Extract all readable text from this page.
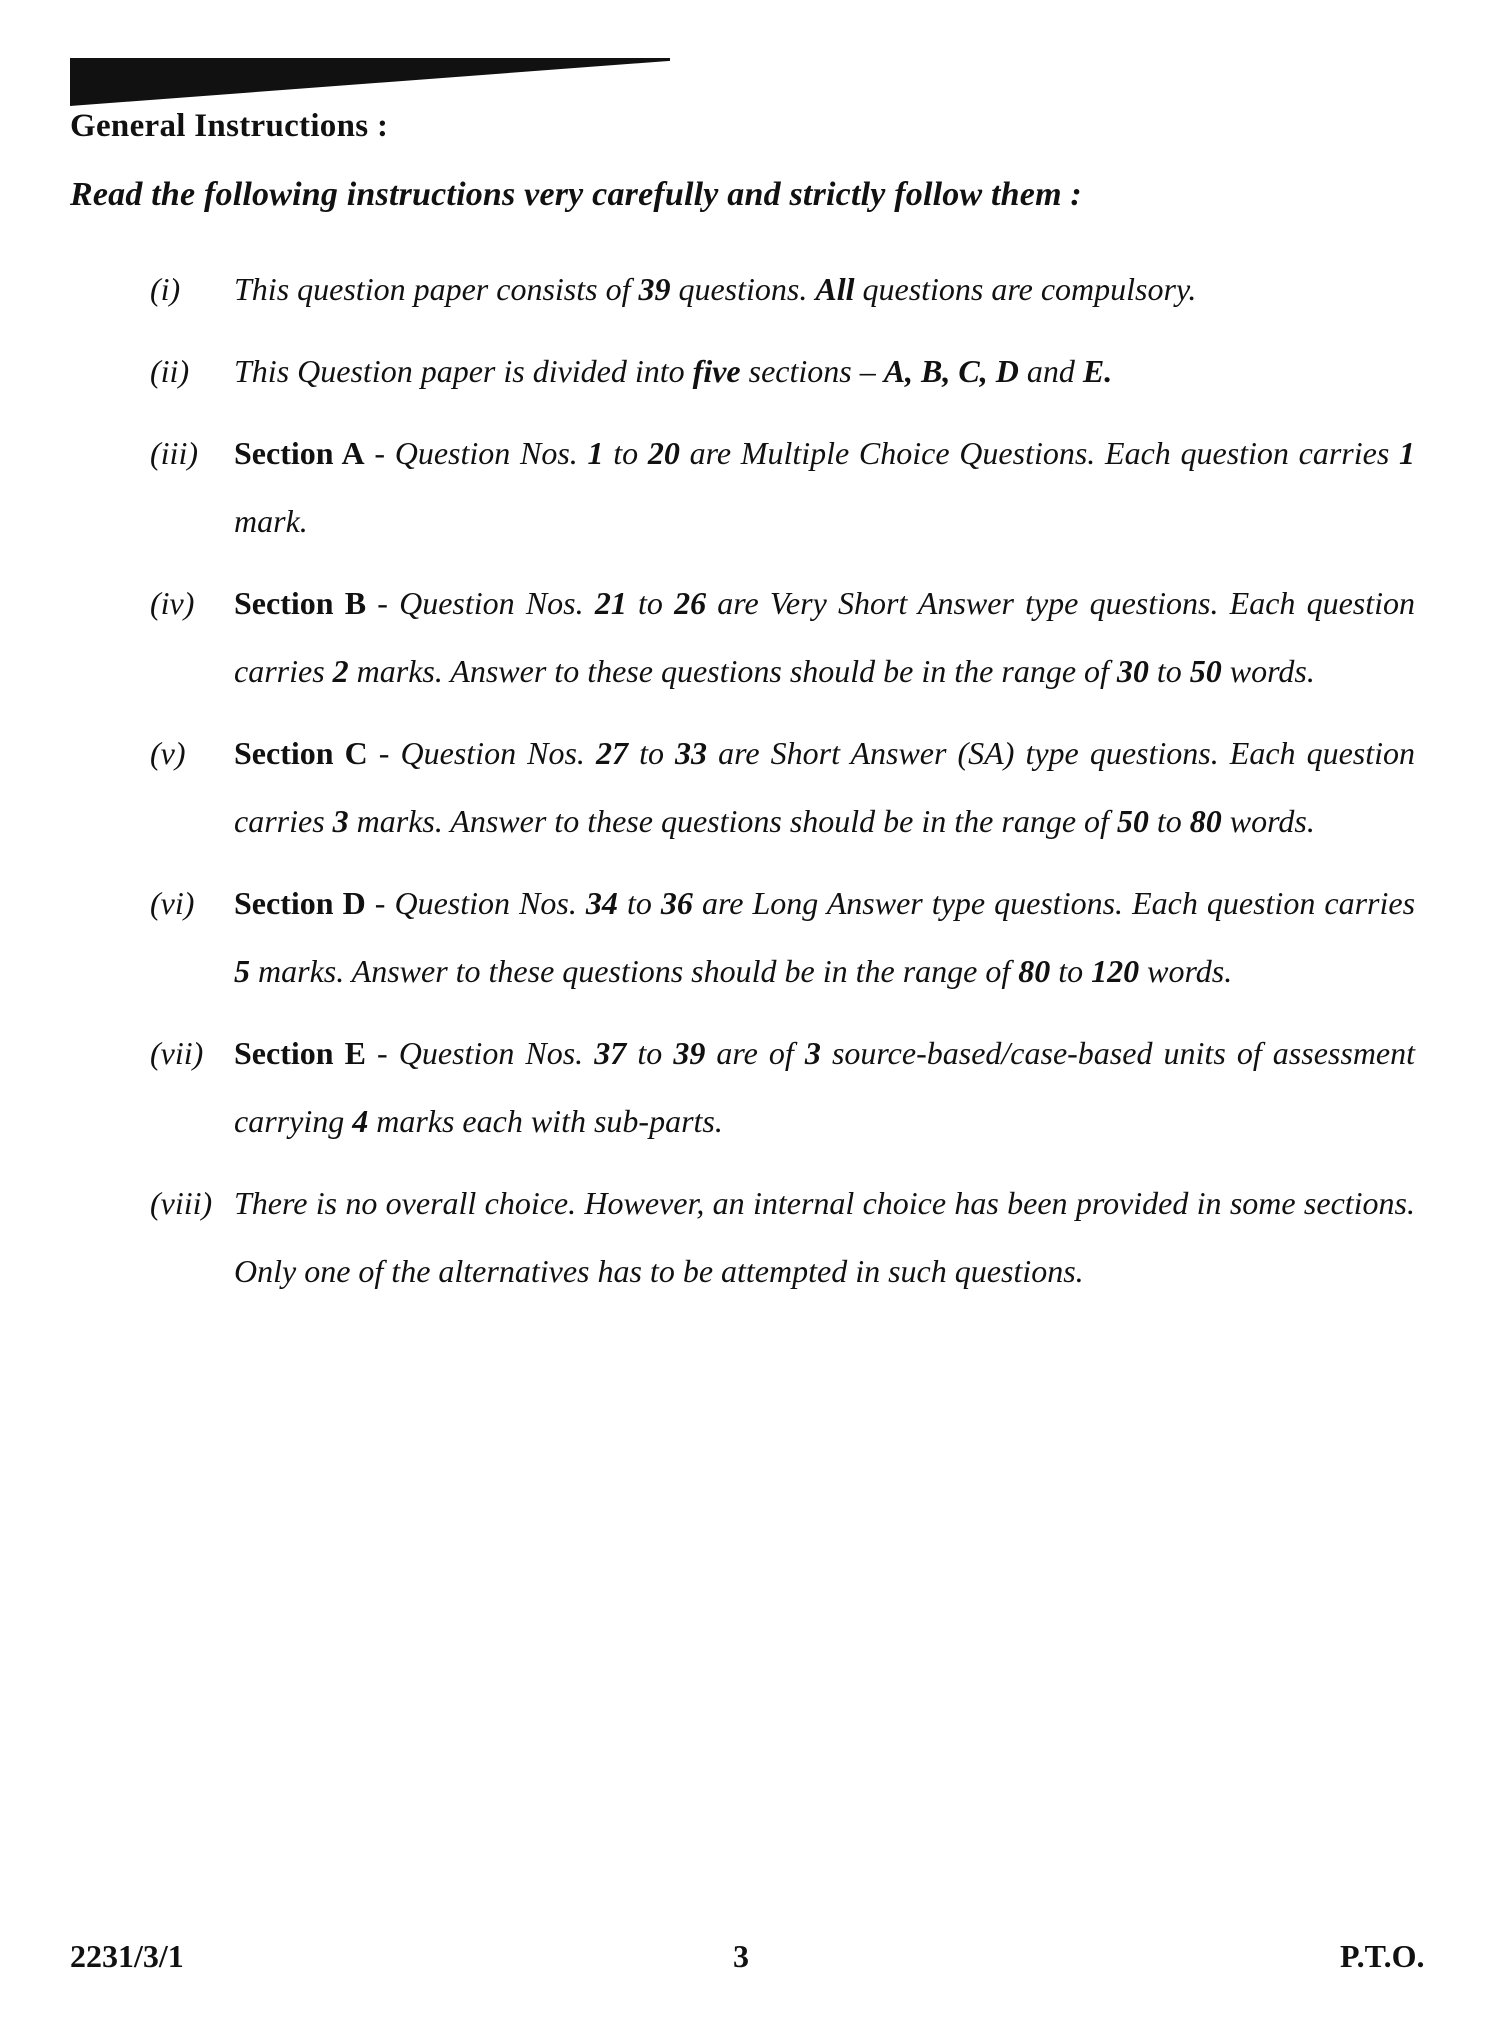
General Instructions :
Read the following instructions very carefully and strictly follow them :
(i)	This question paper consists of 39 questions. All questions are compulsory.
(ii)	This Question paper is divided into five sections – A, B, C, D and E.
(iii)	Section A - Question Nos. 1 to 20 are Multiple Choice Questions. Each question carries 1 mark.
(iv)	Section B - Question Nos. 21 to 26 are Very Short Answer type questions. Each question carries 2 marks. Answer to these questions should be in the range of 30 to 50 words.
(v)	Section C - Question Nos. 27 to 33 are Short Answer (SA) type questions. Each question carries 3 marks. Answer to these questions should be in the range of 50 to 80 words.
(vi)	Section D - Question Nos. 34 to 36 are Long Answer type questions. Each question carries 5 marks. Answer to these questions should be in the range of 80 to 120 words.
(vii) Section E - Question Nos. 37 to 39 are of 3 source-based/case-based units of assessment carrying 4 marks each with sub-parts.
(viii) There is no overall choice. However, an internal choice has been provided in some sections. Only one of the alternatives has to be attempted in such questions.
2231/3/1	3	P.T.O.
